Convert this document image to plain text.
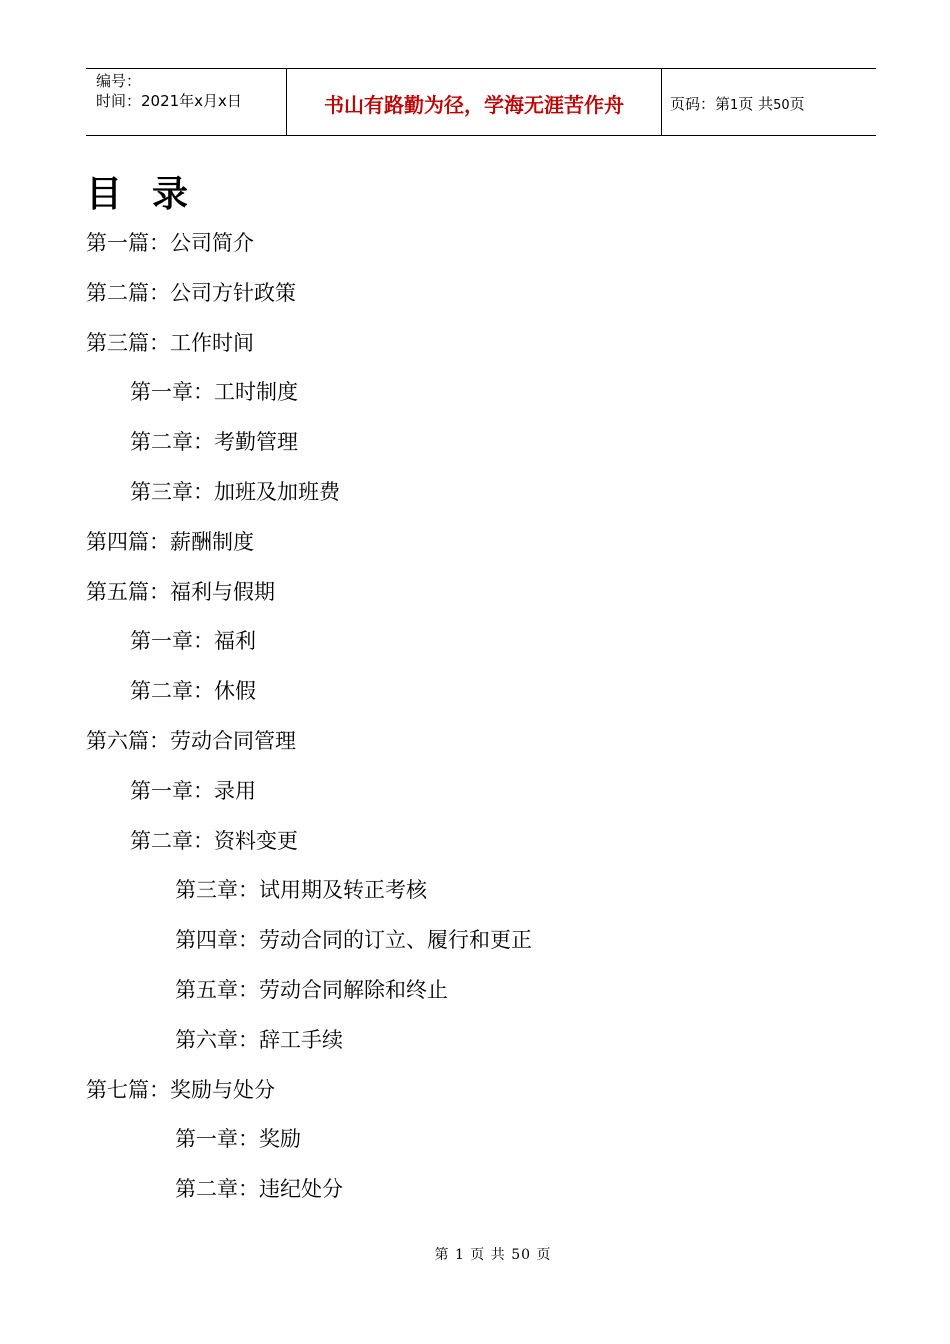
编号：
时间：2021年x月x日	书山有路勤为径，学海无涯苦作舟	页码：第1页 共50页
目录
第一篇：公司简介
第二篇：公司方针政策
第三篇：工作时间
第一章：工时制度
第二章：考勤管理
第三章：加班及加班费
第四篇：薪酬制度
第五篇：福利与假期
第一章：福利
第二章：休假
第六篇：劳动合同管理
第一章：录用
第二章：资料变更
第三章：试用期及转正考核
第四章：劳动合同的订立、履行和更正
第五章：劳动合同解除和终止
第六章：辞工手续
第七篇：奖励与处分
第一章：奖励
第二章：违纪处分
第 1 页 共 50 页
